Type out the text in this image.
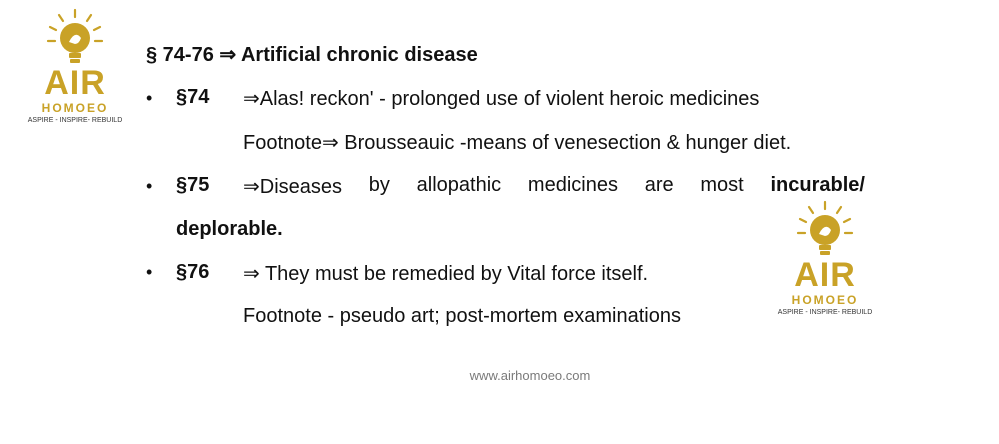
AIR
HOMOEO
ASPIRE - INSPIRE- REBUILD
AIR
HOMOEO
ASPIRE - INSPIRE- REBUILD
§ 74-76 ⇒ Artificial chronic disease
• §74 ⇒Alas! reckon' - prolonged use of violent heroic medicines
Footnote⇒ Brousseauic -means of venesection & hunger diet.
• §75 ⇒Diseases by allopathic medicines are most incurable/
deplorable.
• §76 ⇒ They must be remedied by Vital force itself.
Footnote - pseudo art; post-mortem examinations
www.airhomoeo.com
